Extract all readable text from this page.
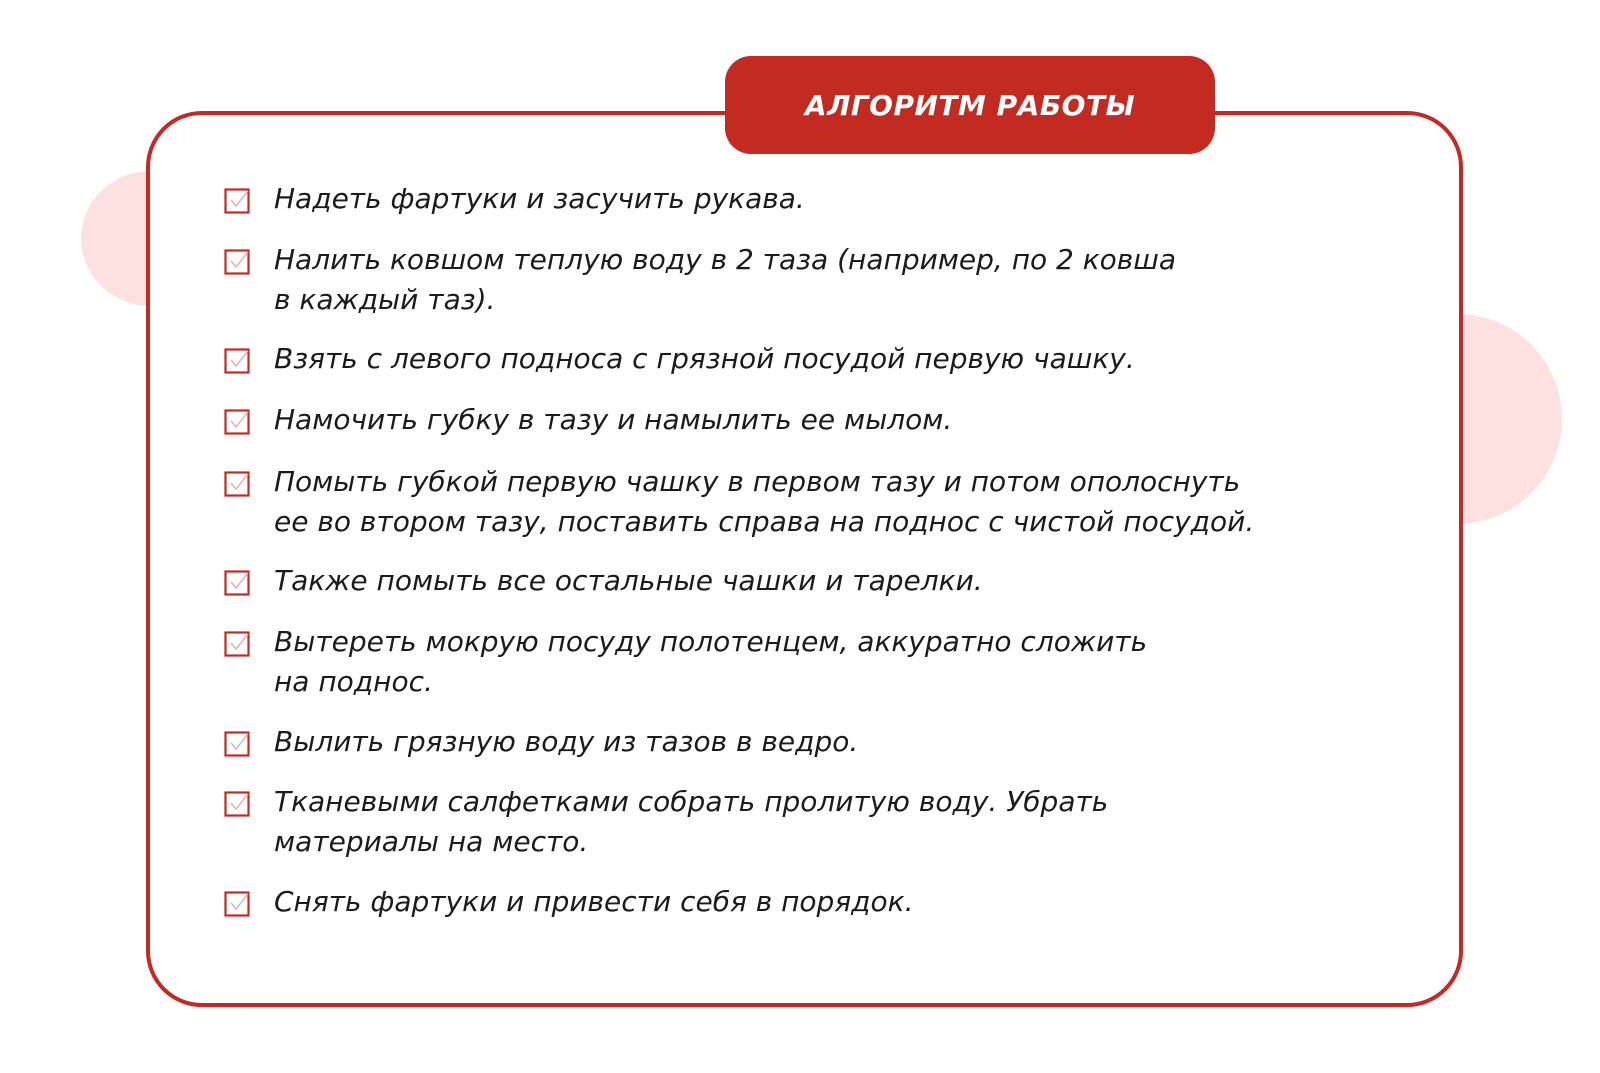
АЛГОРИТМ РАБОТЫ
Надеть фартуки и засучить рукава.
Налить ковшом теплую воду в 2 таза (например, по 2 ковша
в каждый таз).
Взять с левого подноса с грязной посудой первую чашку.
Намочить губку в тазу и намылить ее мылом.
Помыть губкой первую чашку в первом тазу и потом ополоснуть
ее во втором тазу, поставить справа на поднос с чистой посудой.
Также помыть все остальные чашки и тарелки.
Вытереть мокрую посуду полотенцем, аккуратно сложить
на поднос.
Вылить грязную воду из тазов в ведро.
Тканевыми салфетками собрать пролитую воду. Убрать
материалы на место.
Снять фартуки и привести себя в порядок.
